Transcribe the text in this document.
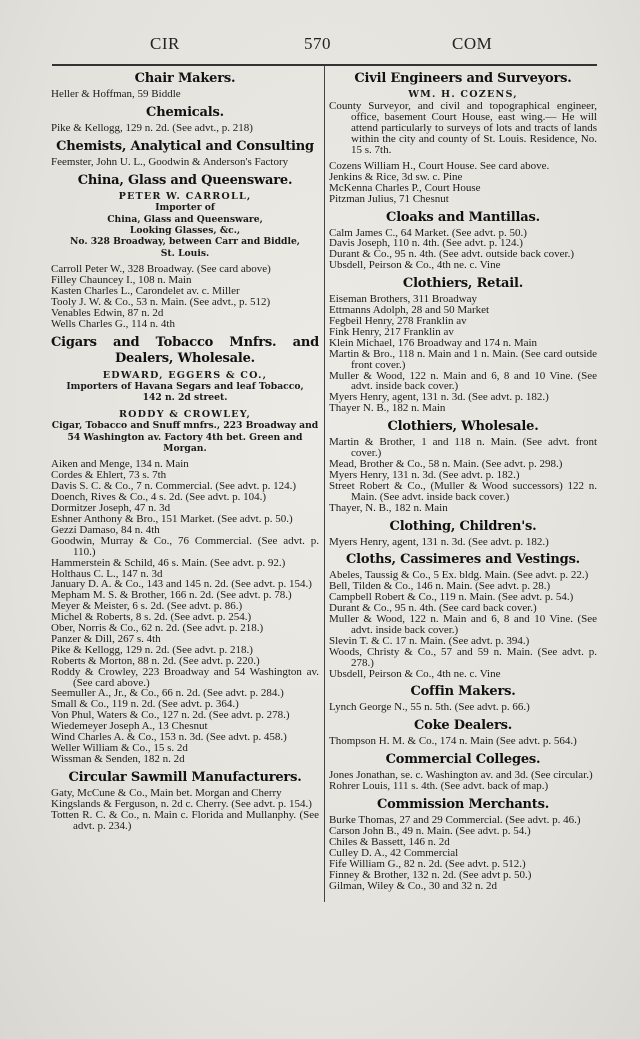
CIR	570	COM
Chair Makers.
Heller & Hoffman, 59 Biddle
Chemicals.
Pike & Kellogg, 129 n. 2d. (See advt., p. 218)
Chemists, Analytical and Consulting
Feemster, John U. L., Goodwin & Anderson's Factory
China, Glass and Queensware.
PETER W. CARROLL,
Importer of
China, Glass and Queensware,
Looking Glasses, &c.,
No. 328 Broadway, between Carr and Biddle,
St. Louis.
Carroll Peter W., 328 Broadway. (See card above)
Filley Chauncey I., 108 n. Main
Kasten Charles L., Carondelet av. c. Miller
Tooly J. W. & Co., 53 n. Main. (See advt., p. 512)
Venables Edwin, 87 n. 2d
Wells Charles G., 114 n. 4th
Cigars and Tobacco Mnfrs. and Dealers, Wholesale.
EDWARD, EGGERS & CO.,
Importers of Havana Segars and leaf Tobacco,
142 n. 2d street.
RODDY & CROWLEY,
Cigar, Tobacco and Snuff mnfrs., 223 Broadway and 54 Washington av. Factory 4th bet. Green and Morgan.
Aiken and Menge, 134 n. Main
Cordes & Ehlert, 73 s. 7th
Davis S. C. & Co., 7 n. Commercial. (See advt. p. 124.)
Doench, Rives & Co., 4 s. 2d. (See advt. p. 104.)
Dormitzer Joseph, 47 n. 3d
Eshner Anthony & Bro., 151 Market. (See advt. p. 50.)
Gezzi Damaso, 84 n. 4th
Goodwin, Murray & Co., 76 Commercial. (See advt. p. 110.)
Hammerstein & Schild, 46 s. Main. (See advt. p. 92.)
Holthaus C. L., 147 n. 3d
January D. A. & Co., 143 and 145 n. 2d. (See advt. p. 154.)
Mepham M. S. & Brother, 166 n. 2d. (See advt. p. 78.)
Meyer & Meister, 6 s. 2d. (See advt. p. 86.)
Michel & Roberts, 8 s. 2d. (See advt. p. 254.)
Ober, Norris & Co., 62 n. 2d. (See advt. p. 218.)
Panzer & Dill, 267 s. 4th
Pike & Kellogg, 129 n. 2d. (See advt. p. 218.)
Roberts & Morton, 88 n. 2d. (See advt. p. 220.)
Roddy & Crowley, 223 Broadway and 54 Washington av. (See card above.)
Seemuller A., Jr., & Co., 66 n. 2d. (See advt. p. 284.)
Small & Co., 119 n. 2d. (See advt. p. 364.)
Von Phul, Waters & Co., 127 n. 2d. (See advt. p. 278.)
Wiedemeyer Joseph A., 13 Chesnut
Wind Charles A. & Co., 153 n. 3d. (See advt. p. 458.)
Weller William & Co., 15 s. 2d
Wissman & Senden, 182 n. 2d
Circular Sawmill Manufacturers.
Gaty, McCune & Co., Main bet. Morgan and Cherry
Kingslands & Ferguson, n. 2d c. Cherry. (See advt. p. 154.)
Totten R. C. & Co., n. Main c. Florida and Mullanphy. (See advt. p. 234.)
Civil Engineers and Surveyors.
WM. H. COZENS,
County Surveyor, and civil and topographical engineer, office, basement Court House, east wing.— He will attend particularly to surveys of lots and tracts of lands within the city and county of St. Louis. Residence, No. 15 s. 7th.
Cozens William H., Court House. See card above.
Jenkins & Rice, 3d sw. c. Pine
McKenna Charles P., Court House
Pitzman Julius, 71 Chesnut
Cloaks and Mantillas.
Calm James C., 64 Market. (See advt. p. 50.)
Davis Joseph, 110 n. 4th. (See advt. p. 124.)
Durant & Co., 95 n. 4th. (See advt. outside back cover.)
Ubsdell, Peirson & Co., 4th ne. c. Vine
Clothiers, Retail.
Eiseman Brothers, 311 Broadway
Ettmanns Adolph, 28 and 50 Market
Fegbeil Henry, 278 Franklin av
Fink Henry, 217 Franklin av
Klein Michael, 176 Broadway and 174 n. Main
Martin & Bro., 118 n. Main and 1 n. Main. (See card outside front cover.)
Muller & Wood, 122 n. Main and 6, 8 and 10 Vine. (See advt. inside back cover.)
Myers Henry, agent, 131 n. 3d. (See advt. p. 182.)
Thayer N. B., 182 n. Main
Clothiers, Wholesale.
Martin & Brother, 1 and 118 n. Main. (See advt. front cover.)
Mead, Brother & Co., 58 n. Main. (See advt. p. 298.)
Myers Henry, 131 n. 3d. (See advt. p. 182.)
Street Robert & Co., (Muller & Wood successors) 122 n. Main. (See advt. inside back cover.)
Thayer, N. B., 182 n. Main
Clothing, Children's.
Myers Henry, agent, 131 n. 3d. (See advt. p. 182.)
Cloths, Cassimeres and Vestings.
Abeles, Taussig & Co., 5 Ex. bldg. Main. (See advt. p. 22.)
Bell, Tilden & Co., 146 n. Main. (See advt. p. 28.)
Campbell Robert & Co., 119 n. Main. (See advt. p. 54.)
Durant & Co., 95 n. 4th. (See card back cover.)
Muller & Wood, 122 n. Main and 6, 8 and 10 Vine. (See advt. inside back cover.)
Slevin T. & C. 17 n. Main. (See advt. p. 394.)
Woods, Christy & Co., 57 and 59 n. Main. (See advt. p. 278.)
Ubsdell, Peirson & Co., 4th ne. c. Vine
Coffin Makers.
Lynch George N., 55 n. 5th. (See advt. p. 66.)
Coke Dealers.
Thompson H. M. & Co., 174 n. Main (See advt. p. 564.)
Commercial Colleges.
Jones Jonathan, se. c. Washington av. and 3d. (See circular.)
Rohrer Louis, 111 s. 4th. (See advt. back of map.)
Commission Merchants.
Burke Thomas, 27 and 29 Commercial. (See advt. p. 46.)
Carson John B., 49 n. Main. (See advt. p. 54.)
Chiles & Bassett, 146 n. 2d
Culley D. A., 42 Commercial
Fife William G., 82 n. 2d. (See advt. p. 512.)
Finney & Brother, 132 n. 2d. (See advt p. 50.)
Gilman, Wiley & Co., 30 and 32 n. 2d
